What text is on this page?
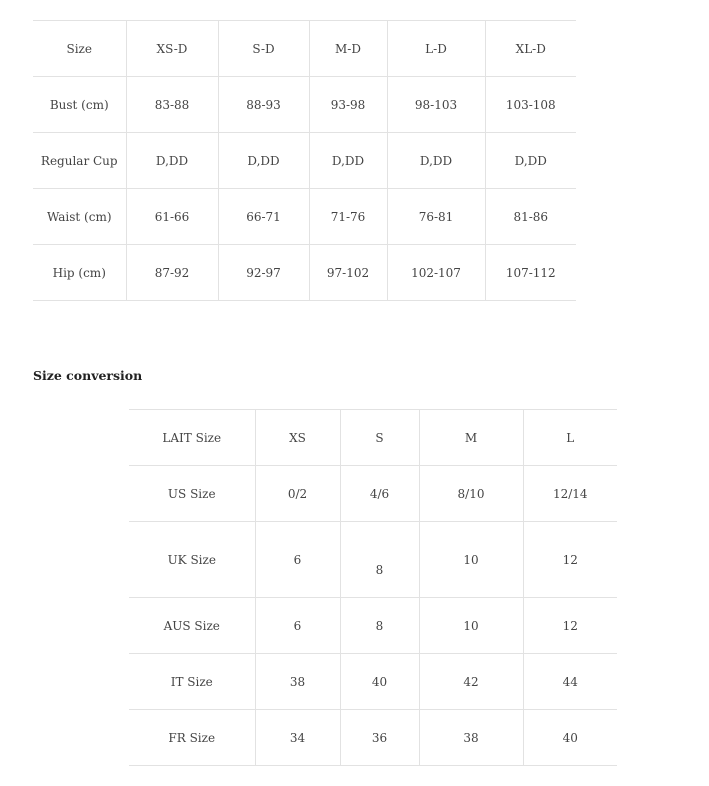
Size	XS-D	S-D	M-D	L-D	XL-D
Bust (cm)	83-88	88-93	93-98	98-103	103-108
Regular Cup	D,DD	D,DD	D,DD	D,DD	D,DD
Waist (cm)	61-66	66-71	71-76	76-81	81-86
Hip (cm)	87-92	92-97	97-102	102-107	107-112
Size conversion
LAIT Size	XS	S	M	L
US Size	0/2	4/6	8/10	12/14
UK Size	6	8	10	12
AUS Size	6	8	10	12
IT Size	38	40	42	44
FR Size	34	36	38	40
